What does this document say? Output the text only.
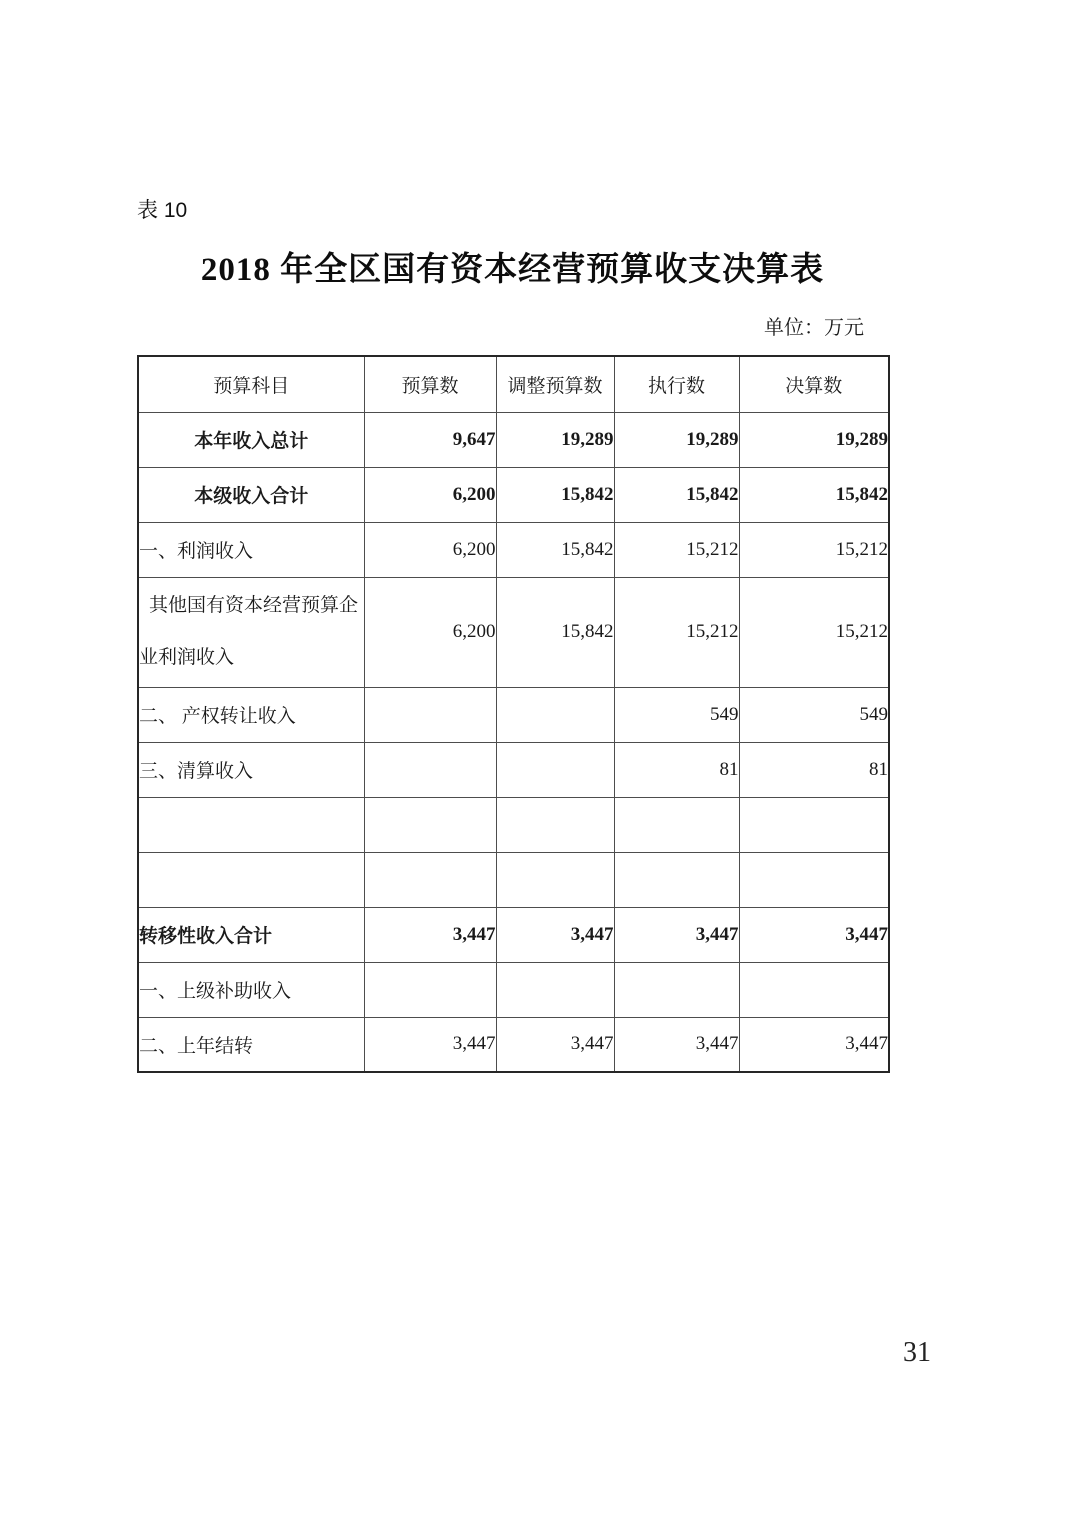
表 10
2018 年全区国有资本经营预算收支决算表
单位：万元
预算科目	预算数	调整预算数	执行数	决算数
本年收入总计	9,647	19,289	19,289	19,289
本级收入合计	6,200	15,842	15,842	15,842
一、利润收入	6,200	15,842	15,212	15,212
其他国有资本经营预算企业利润收入	6,200	15,842	15,212	15,212
二、 产权转让收入			549	549
三、清算收入			81	81

转移性收入合计	3,447	3,447	3,447	3,447
一、上级补助收入				
二、上年结转	3,447	3,447	3,447	3,447
31
